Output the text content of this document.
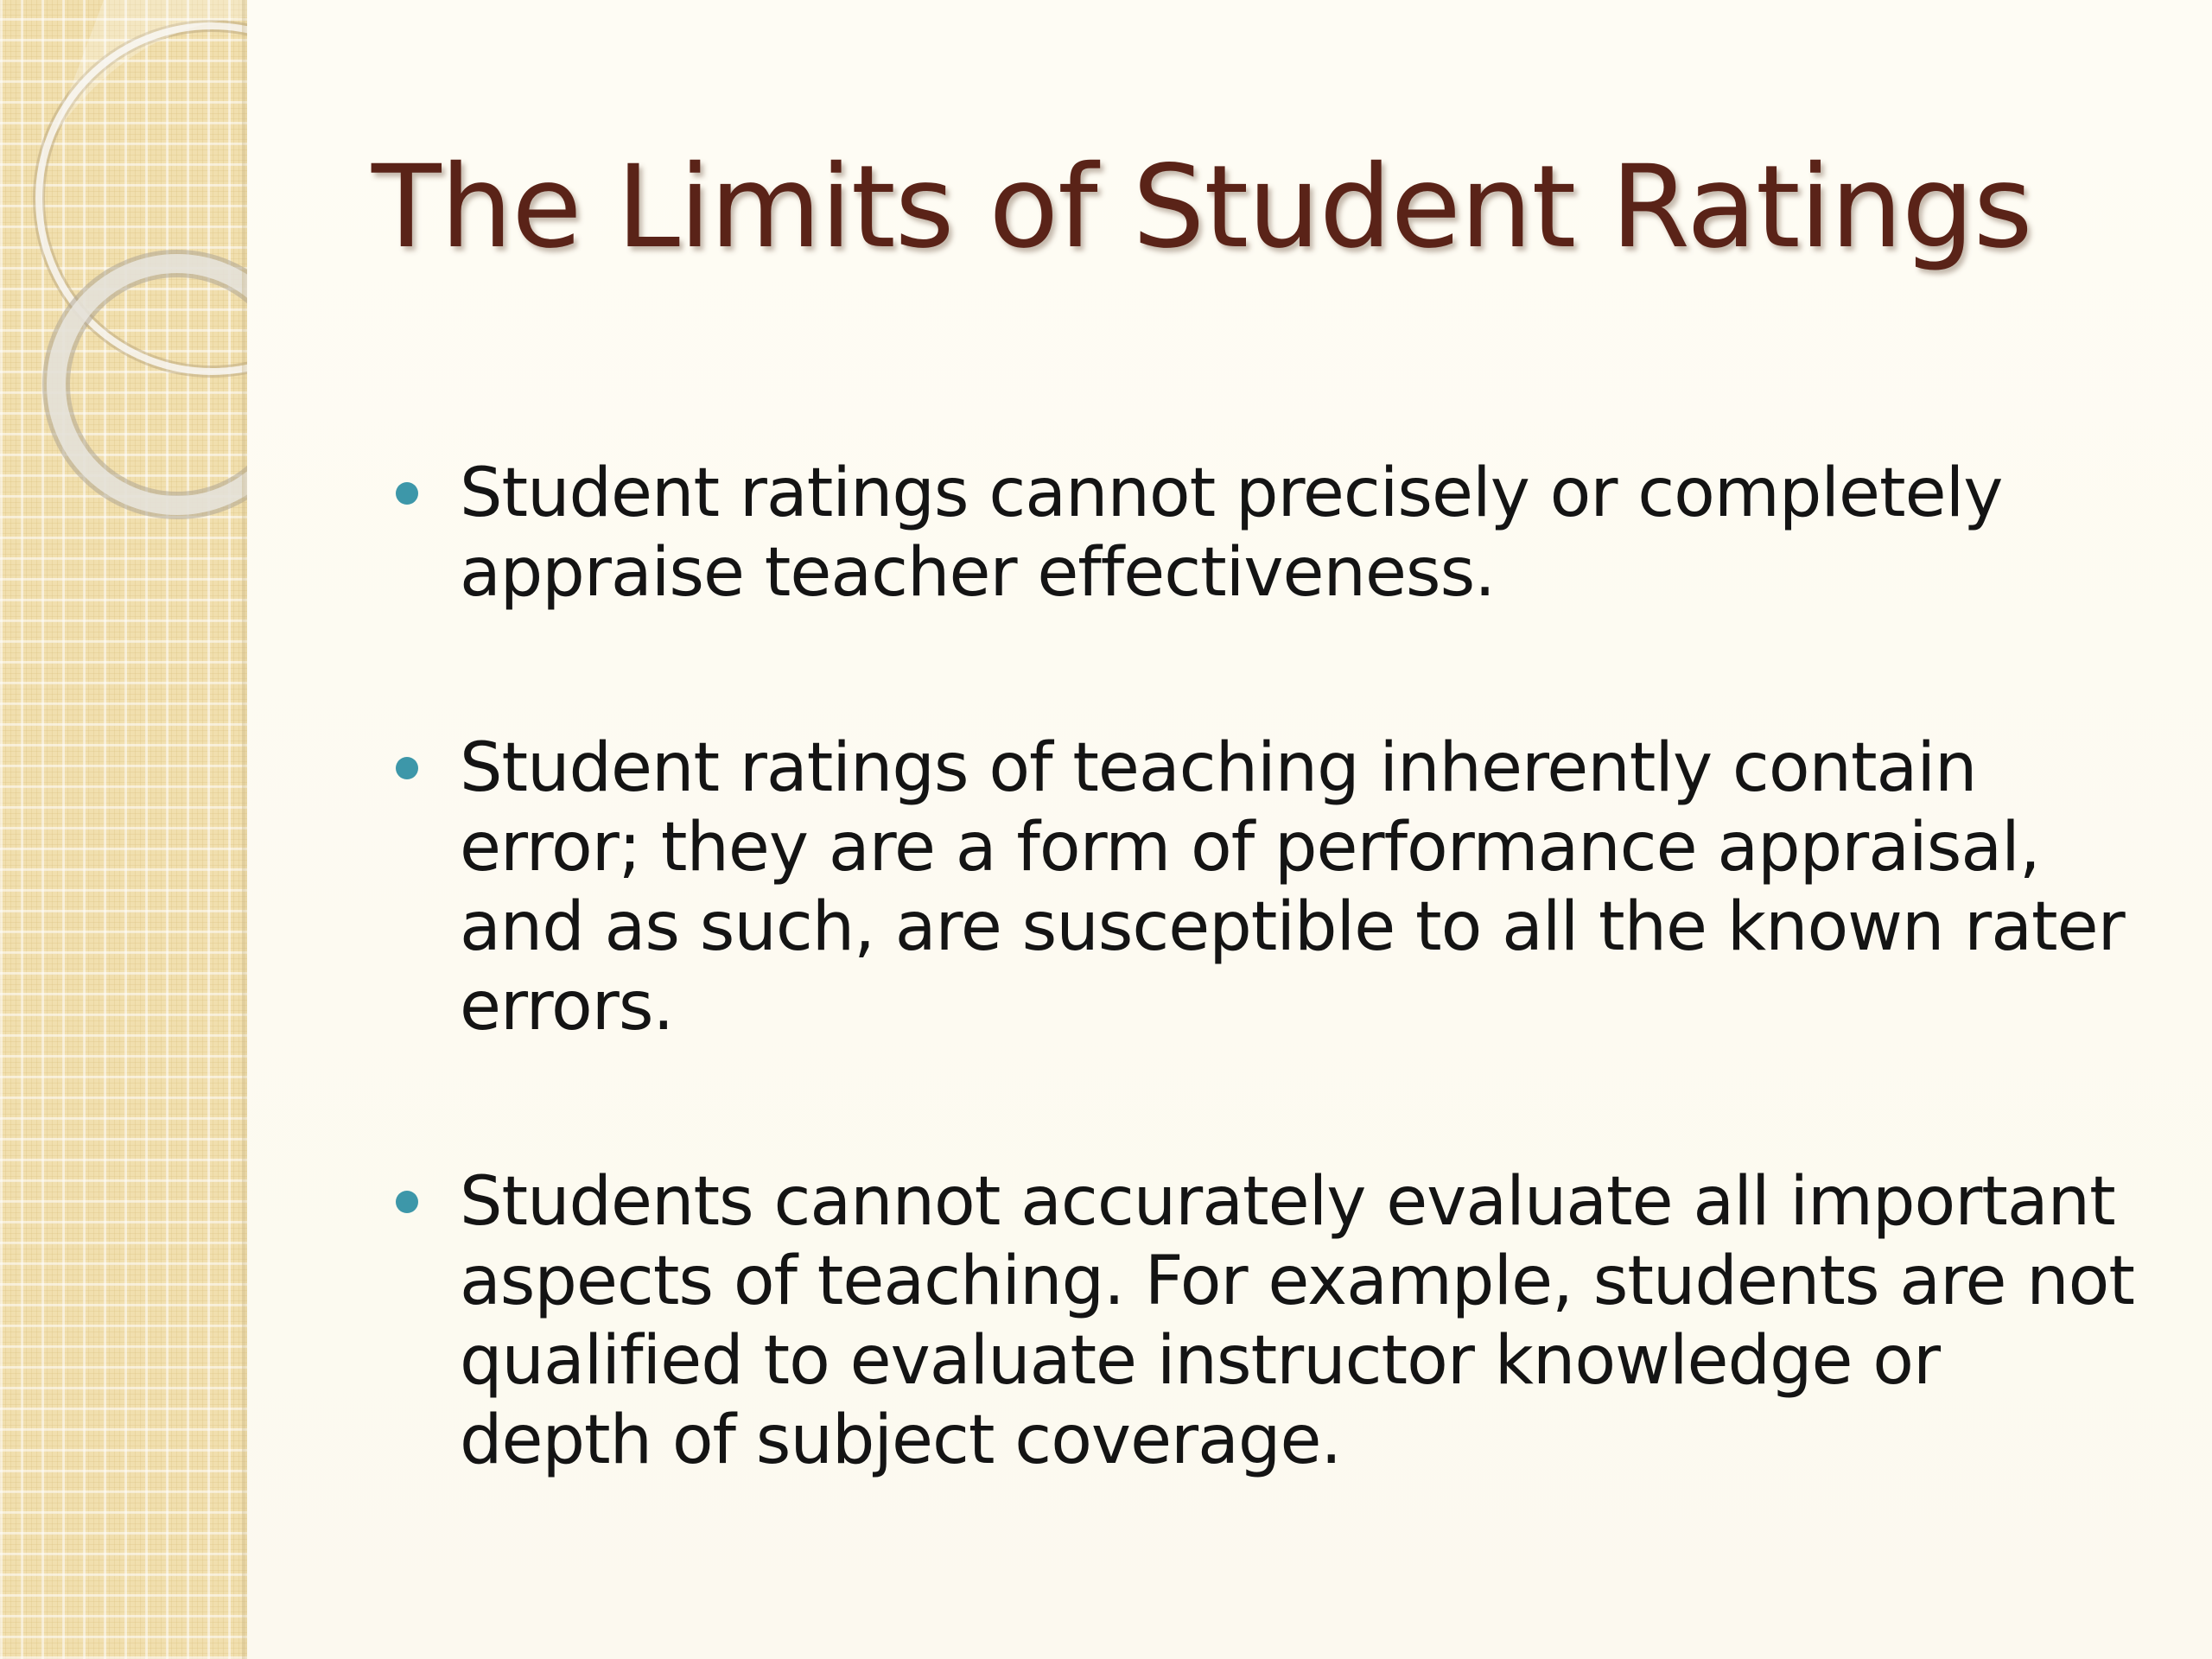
The Limits of Student Ratings
Student ratings cannot precisely or completely appraise teacher effectiveness.
Student ratings of teaching inherently contain error; they are a form of performance appraisal, and as such, are susceptible to all the known rater errors.
Students cannot accurately evaluate all important aspects of teaching. For example, students are not qualified to evaluate instructor knowledge or depth of subject coverage.
